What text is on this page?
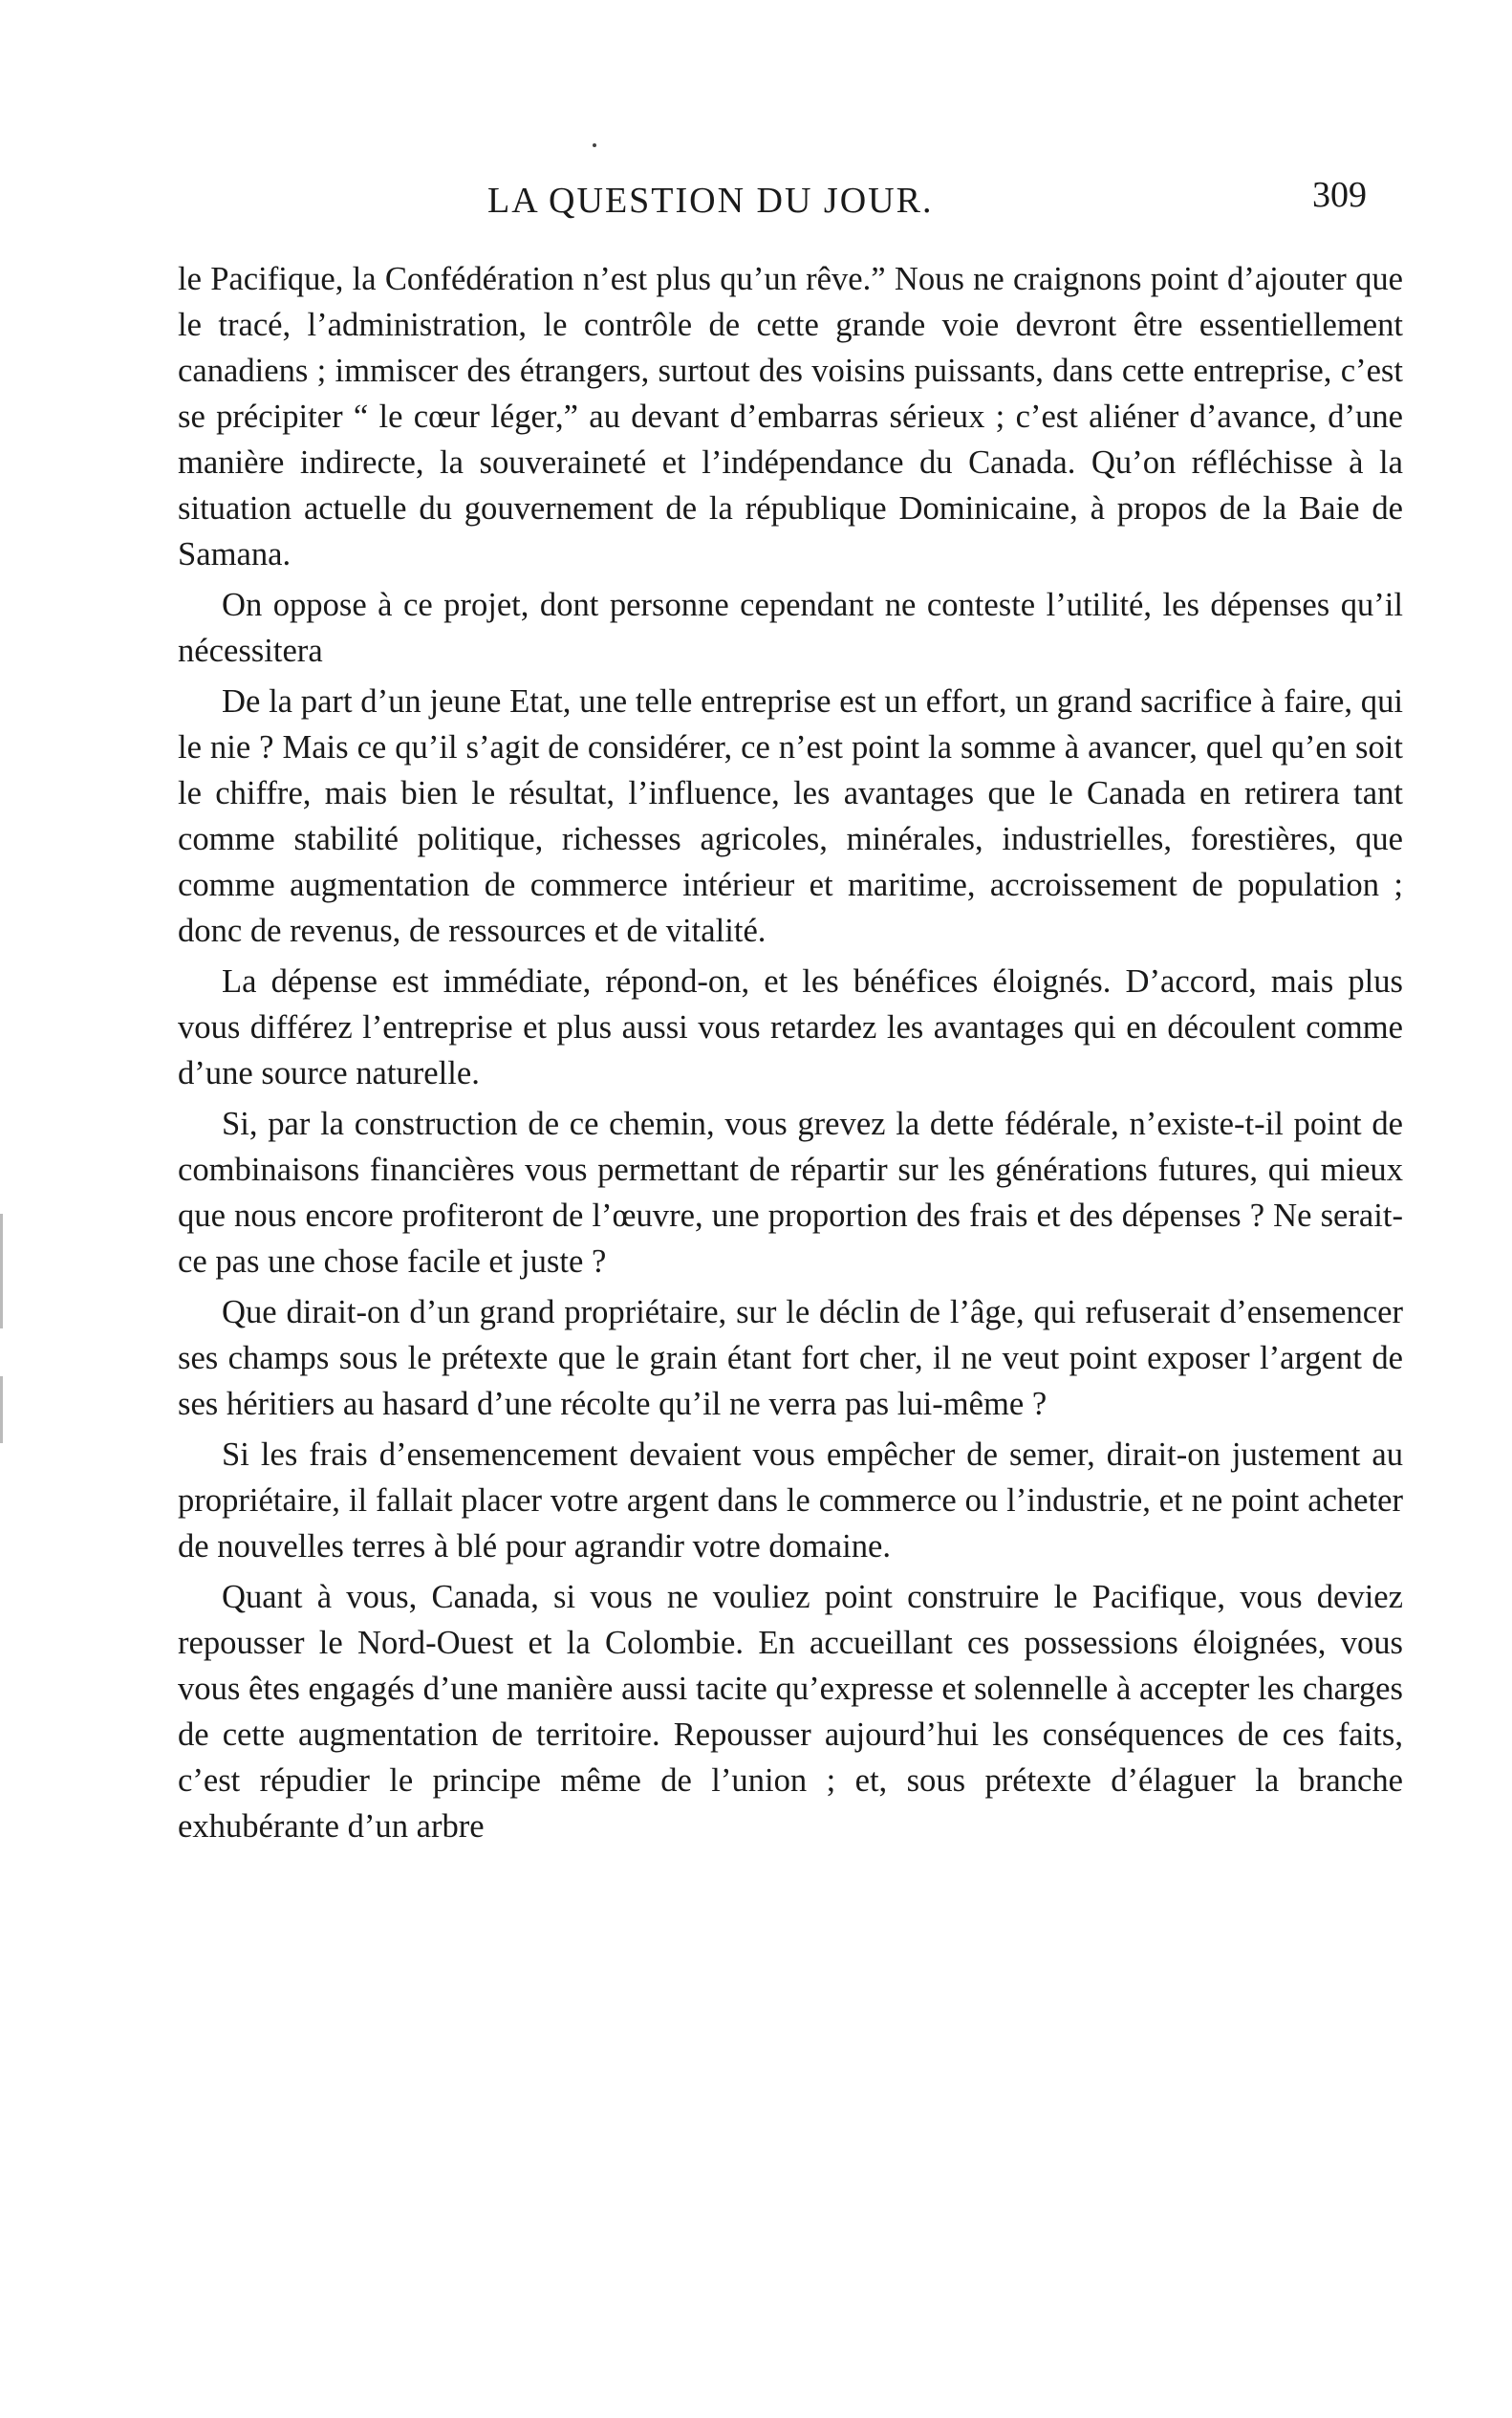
LA QUESTION DU JOUR.	309

le Pacifique, la Confédération n’est plus qu’un rêve.” Nous ne craignons point d’ajouter que le tracé, l’administration, le contrôle de cette grande voie devront être essentiellement canadiens ; immiscer des étrangers, surtout des voisins puissants, dans cette entreprise, c’est se précipiter “ le cœur léger,” au devant d’embarras sérieux ; c’est aliéner d’avance, d’une manière indirecte, la souveraineté et l’indépendance du Canada. Qu’on réfléchisse à la situation actuelle du gouvernement de la république Dominicaine, à propos de la Baie de Samana.

On oppose à ce projet, dont personne cependant ne conteste l’utilité, les dépenses qu’il nécessitera

De la part d’un jeune Etat, une telle entreprise est un effort, un grand sacrifice à faire, qui le nie ? Mais ce qu’il s’agit de considérer, ce n’est point la somme à avancer, quel qu’en soit le chiffre, mais bien le résultat, l’influence, les avantages que le Canada en retirera tant comme stabilité politique, richesses agricoles, minérales, industrielles, forestières, que comme augmentation de commerce intérieur et maritime, accroissement de population ; donc de revenus, de ressources et de vitalité.

La dépense est immédiate, répond-on, et les bénéfices éloignés. D’accord, mais plus vous différez l’entreprise et plus aussi vous retardez les avantages qui en découlent comme d’une source naturelle.

Si, par la construction de ce chemin, vous grevez la dette fédérale, n’existe-t-il point de combinaisons financières vous permettant de répartir sur les générations futures, qui mieux que nous encore profiteront de l’œuvre, une proportion des frais et des dépenses ? Ne serait-ce pas une chose facile et juste ?

Que dirait-on d’un grand propriétaire, sur le déclin de l’âge, qui refuserait d’ensemencer ses champs sous le prétexte que le grain étant fort cher, il ne veut point exposer l’argent de ses héritiers au hasard d’une récolte qu’il ne verra pas lui-même ?

Si les frais d’ensemencement devaient vous empêcher de semer, dirait-on justement au propriétaire, il fallait placer votre argent dans le commerce ou l’industrie, et ne point acheter de nouvelles terres à blé pour agrandir votre domaine.

Quant à vous, Canada, si vous ne vouliez point construire le Pacifique, vous deviez repousser le Nord-Ouest et la Colombie. En accueillant ces possessions éloignées, vous vous êtes engagés d’une manière aussi tacite qu’expresse et solennelle à accepter les charges de cette augmentation de territoire. Repousser aujourd’hui les conséquences de ces faits, c’est répudier le principe même de l’union ; et, sous prétexte d’élaguer la branche exhubérante d’un arbre
